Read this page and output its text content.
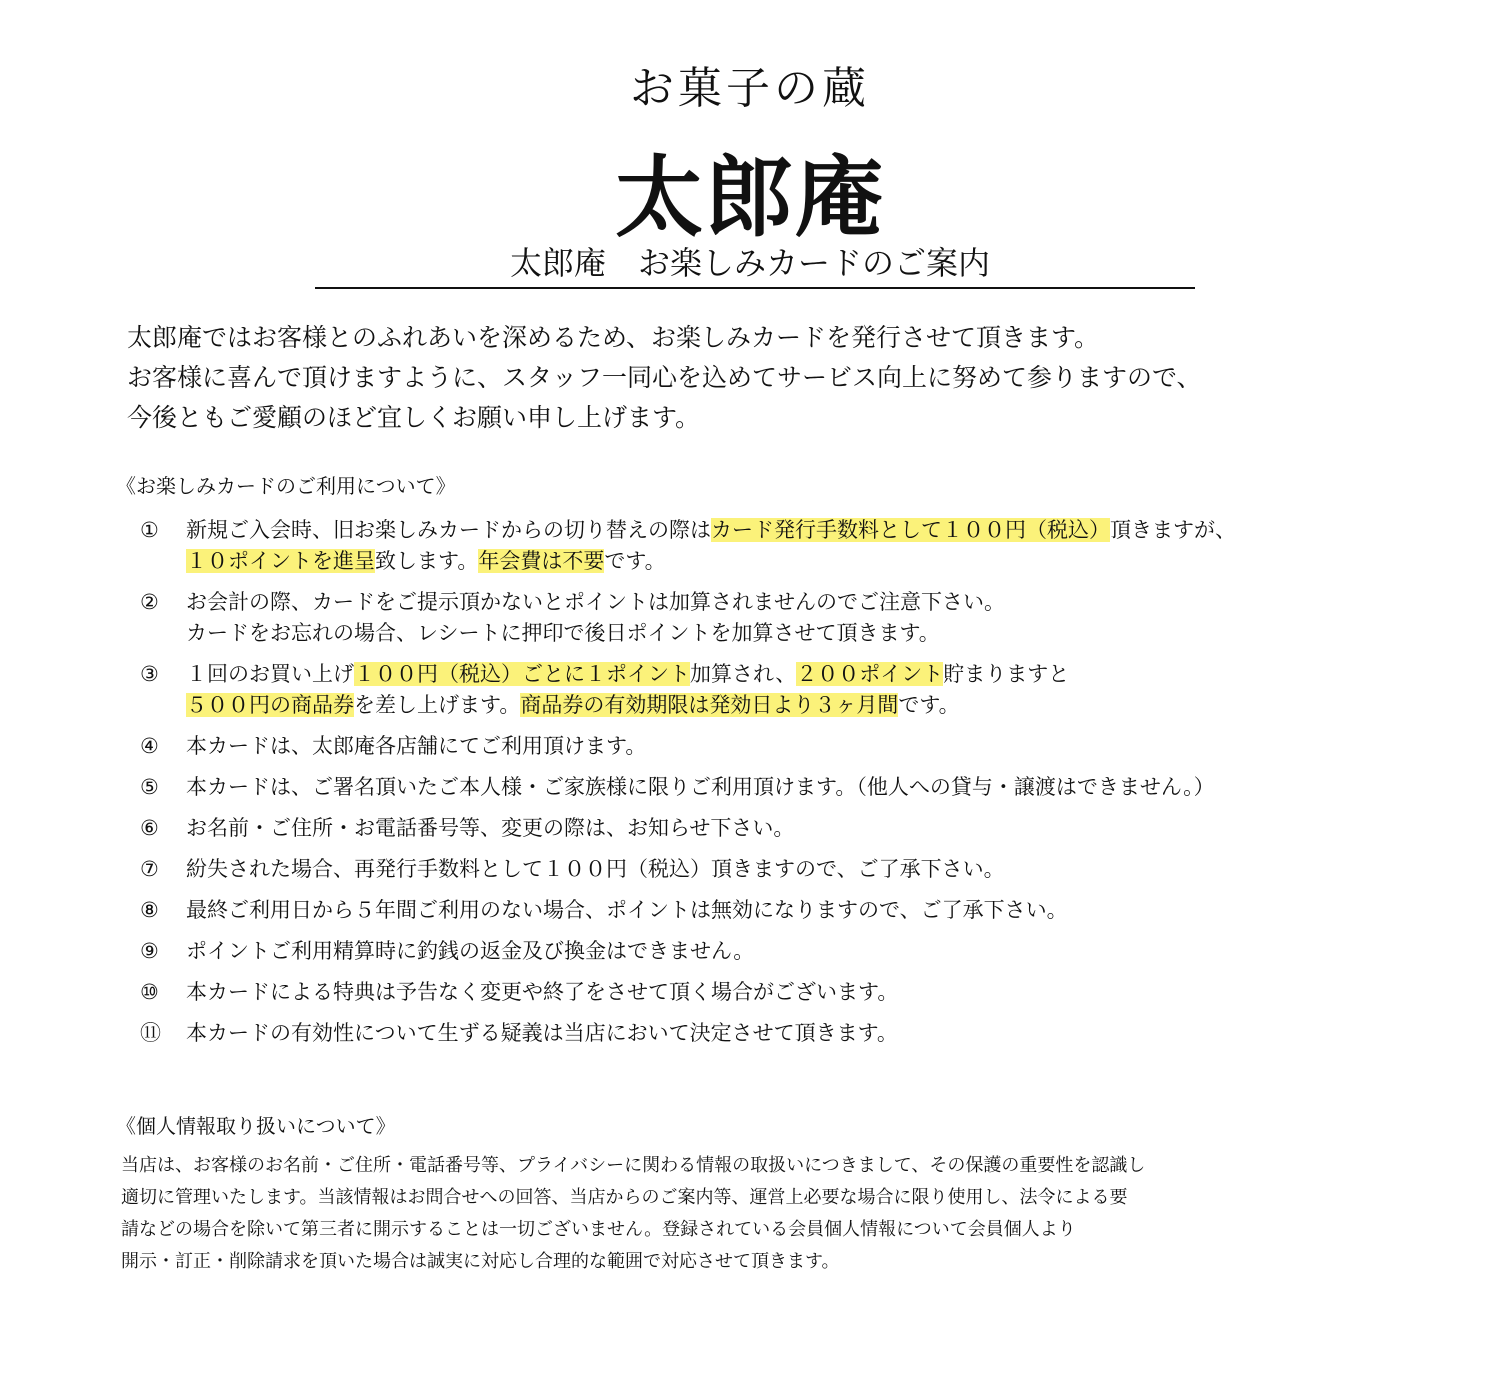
お菓子の蔵
太郎庵
太郎庵　お楽しみカードのご案内
太郎庵ではお客様とのふれあいを深めるため、お楽しみカードを発行させて頂きます。
お客様に喜んで頂けますように、スタッフ一同心を込めてサービス向上に努めて参りますので、
今後ともご愛顧のほど宜しくお願い申し上げます。
《お楽しみカードのご利用について》
① 新規ご入会時、旧お楽しみカードからの切り替えの際はカード発行手数料として１００円（税込）頂きますが、
１０ポイントを進呈致します。年会費は不要です。
② お会計の際、カードをご提示頂かないとポイントは加算されませんのでご注意下さい。
カードをお忘れの場合、レシートに押印で後日ポイントを加算させて頂きます。
③ １回のお買い上げ１００円（税込）ごとに１ポイント加算され、２００ポイント貯まりますと
５００円の商品券を差し上げます。商品券の有効期限は発効日より３ヶ月間です。
④ 本カードは、太郎庵各店舗にてご利用頂けます。
⑤ 本カードは、ご署名頂いたご本人様・ご家族様に限りご利用頂けます。（他人への貸与・譲渡はできません。）
⑥ お名前・ご住所・お電話番号等、変更の際は、お知らせ下さい。
⑦ 紛失された場合、再発行手数料として１００円（税込）頂きますので、ご了承下さい。
⑧ 最終ご利用日から５年間ご利用のない場合、ポイントは無効になりますので、ご了承下さい。
⑨ ポイントご利用精算時に釣銭の返金及び換金はできません。
⑩ 本カードによる特典は予告なく変更や終了をさせて頂く場合がございます。
⑪ 本カードの有効性について生ずる疑義は当店において決定させて頂きます。
《個人情報取り扱いについて》
当店は、お客様のお名前・ご住所・電話番号等、プライバシーに関わる情報の取扱いにつきまして、その保護の重要性を認識し
適切に管理いたします。当該情報はお問合せへの回答、当店からのご案内等、運営上必要な場合に限り使用し、法令による要
請などの場合を除いて第三者に開示することは一切ございません。登録されている会員個人情報について会員個人より
開示・訂正・削除請求を頂いた場合は誠実に対応し合理的な範囲で対応させて頂きます。
